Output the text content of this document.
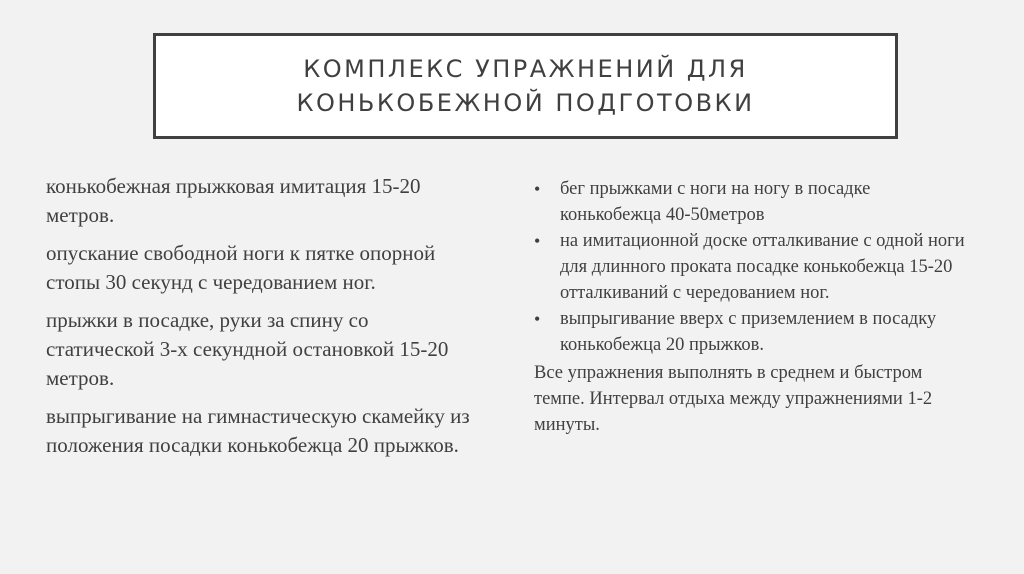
КОМПЛЕКС УПРАЖНЕНИЙ ДЛЯ
КОНЬКОБЕЖНОЙ ПОДГОТОВКИ

конькобежная прыжковая имитация 15-20 метров.

опускание свободной ноги к пятке опорной стопы 30 секунд с чередованием ног.

прыжки в посадке, руки за спину со статической 3-х секундной остановкой 15-20 метров.

выпрыгивание на гимнастическую скамейку из положения посадки конькобежца 20 прыжков.

• бег прыжками с ноги на ногу в посадке конькобежца 40-50метров
• на имитационной доске отталкивание с одной ноги для длинного проката посадке конькобежца 15-20 отталкиваний с чередованием ног.
• выпрыгивание вверх с приземлением в посадку конькобежца 20 прыжков.
Все упражнения выполнять в среднем и быстром темпе. Интервал отдыха между упражнениями 1-2 минуты.
